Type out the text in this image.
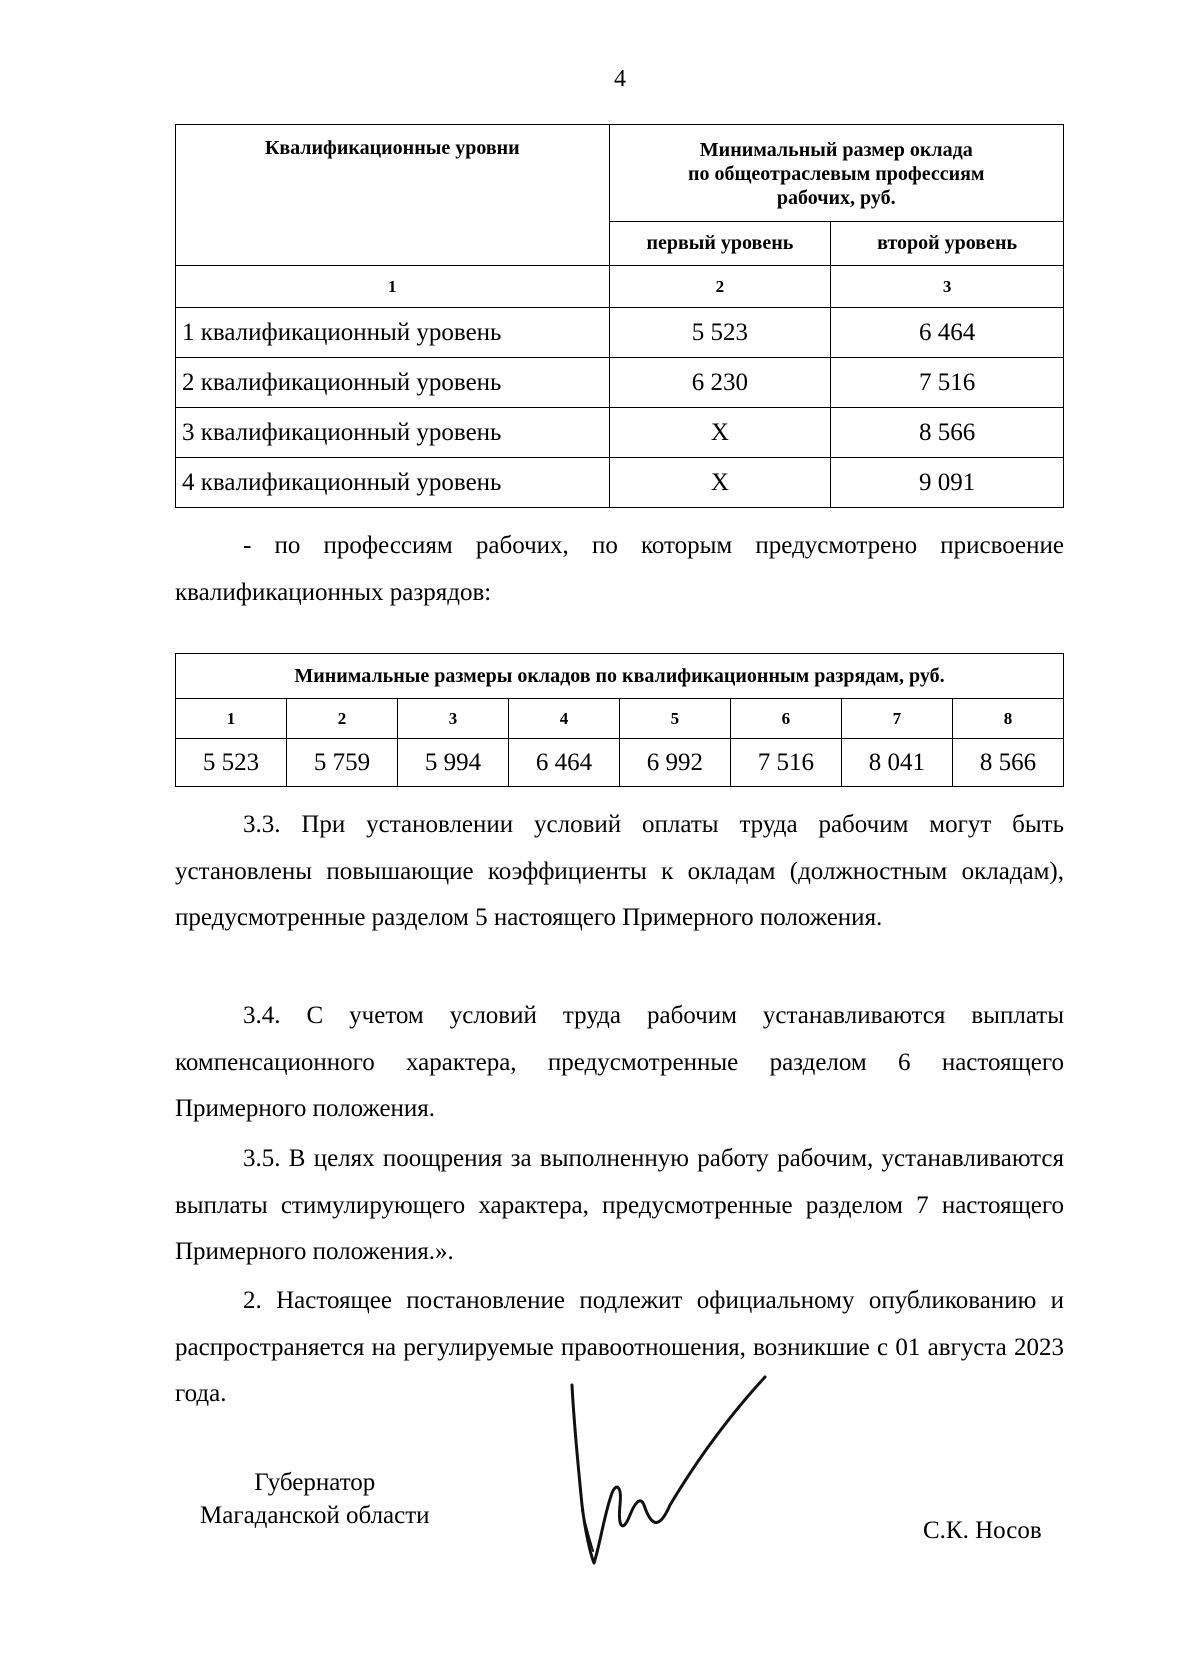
4
Квалификационные уровни	Минимальный размер оклада
по общеотраслевым профессиям
рабочих, руб.	

	первый уровень	второй уровень
1	2	3
1 квалификационный уровень	5 523	6 464
2 квалификационный уровень	6 230	7 516
3 квалификационный уровень	Х	8 566
4 квалификационный уровень	Х	9 091

- по профессиям рабочих, по которым предусмотрено присвоение квалификационных разрядов:

Минимальные размеры окладов по квалификационным разрядам, руб.							
1	2	3	4	5	6	7	8
5 523	5 759	5 994	6 464	6 992	7 516	8 041	8 566

3.3. При установлении условий оплаты труда рабочим могут быть установлены повышающие коэффициенты к окладам (должностным окладам), предусмотренные разделом 5 настоящего Примерного положения.

3.4. С учетом условий труда рабочим устанавливаются выплаты компенсационного характера, предусмотренные разделом 6 настоящего Примерного положения.

3.5. В целях поощрения за выполненную работу рабочим, устанавливаются выплаты стимулирующего характера, предусмотренные разделом 7 настоящего Примерного положения.».

2. Настоящее постановление подлежит официальному опубликованию и распространяется на регулируемые правоотношения, возникшие с 01 августа 2023 года.

Губернатор
Магаданской области
С.К. Носов
